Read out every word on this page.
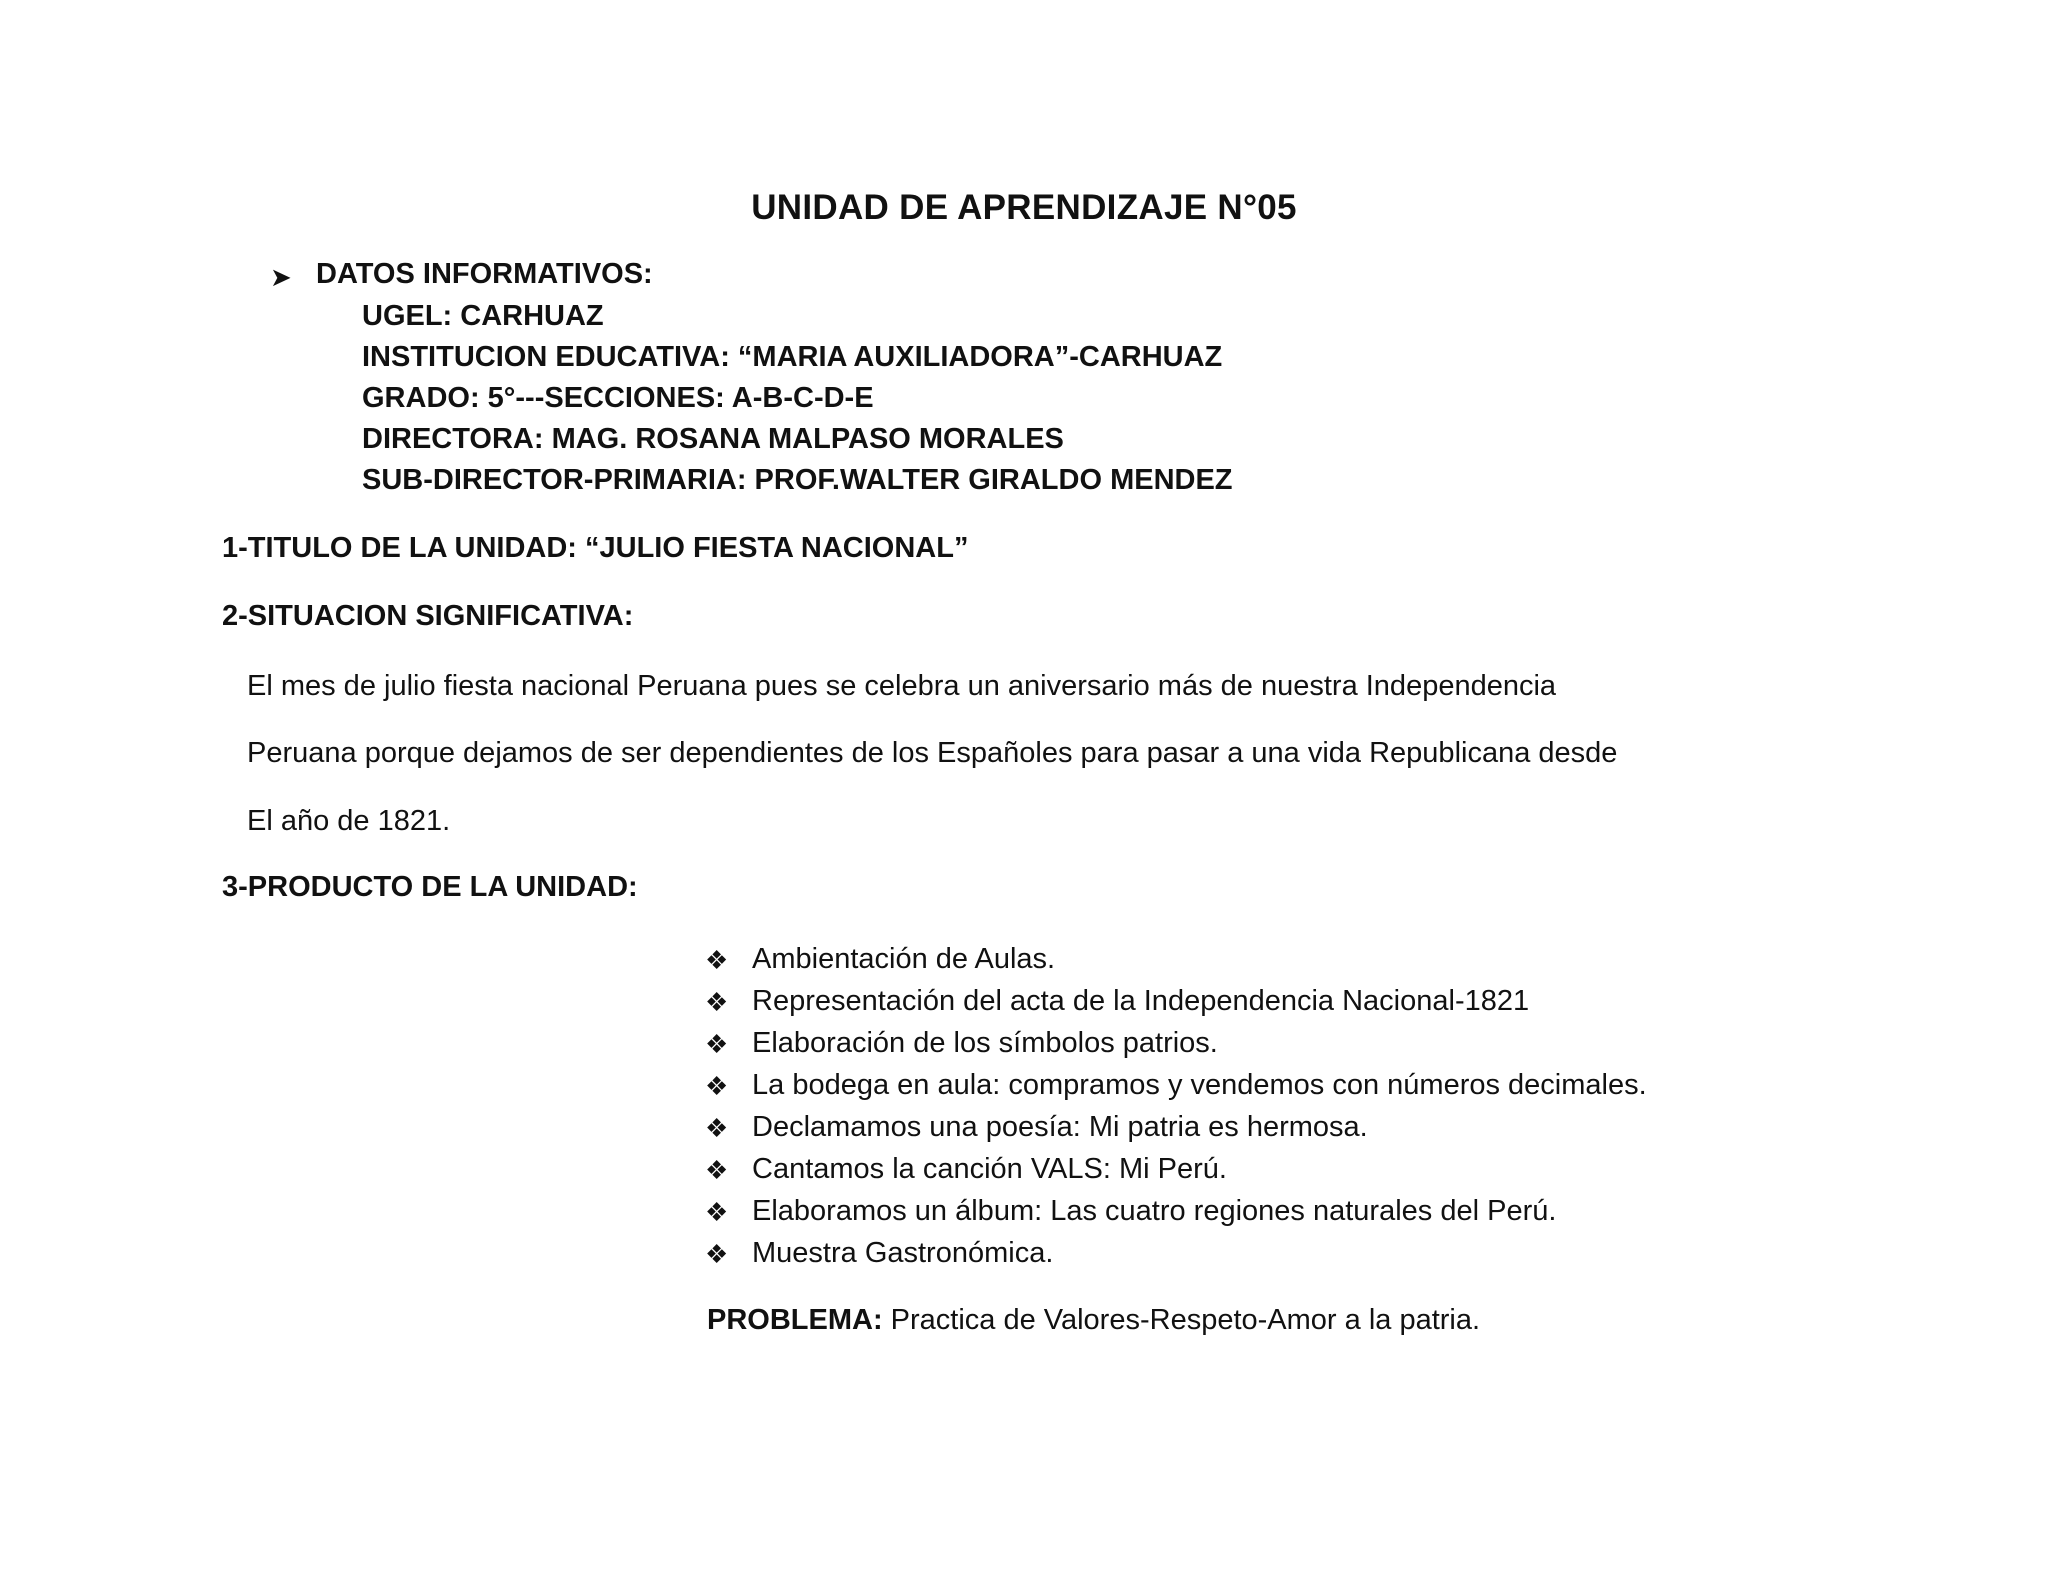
UNIDAD DE APRENDIZAJE N°05
➤ DATOS INFORMATIVOS:
UGEL: CARHUAZ
INSTITUCION EDUCATIVA: “MARIA AUXILIADORA”-CARHUAZ
GRADO: 5°---SECCIONES: A-B-C-D-E
DIRECTORA: MAG. ROSANA MALPASO MORALES
SUB-DIRECTOR-PRIMARIA: PROF.WALTER GIRALDO MENDEZ
1-TITULO DE LA UNIDAD: “JULIO FIESTA NACIONAL”
2-SITUACION SIGNIFICATIVA:
El mes de julio fiesta nacional Peruana pues se celebra un aniversario más de nuestra Independencia
Peruana porque dejamos de ser dependientes de los Españoles para pasar a una vida Republicana desde
El año de 1821.
3-PRODUCTO DE LA UNIDAD:
❖ Ambientación de Aulas.
❖ Representación del acta de la Independencia Nacional-1821
❖ Elaboración de los símbolos patrios.
❖ La bodega en aula: compramos y vendemos con números decimales.
❖ Declamamos una poesía: Mi patria es hermosa.
❖ Cantamos la canción VALS: Mi Perú.
❖ Elaboramos un álbum: Las cuatro regiones naturales del Perú.
❖ Muestra Gastronómica.
PROBLEMA: Practica de Valores-Respeto-Amor a la patria.
